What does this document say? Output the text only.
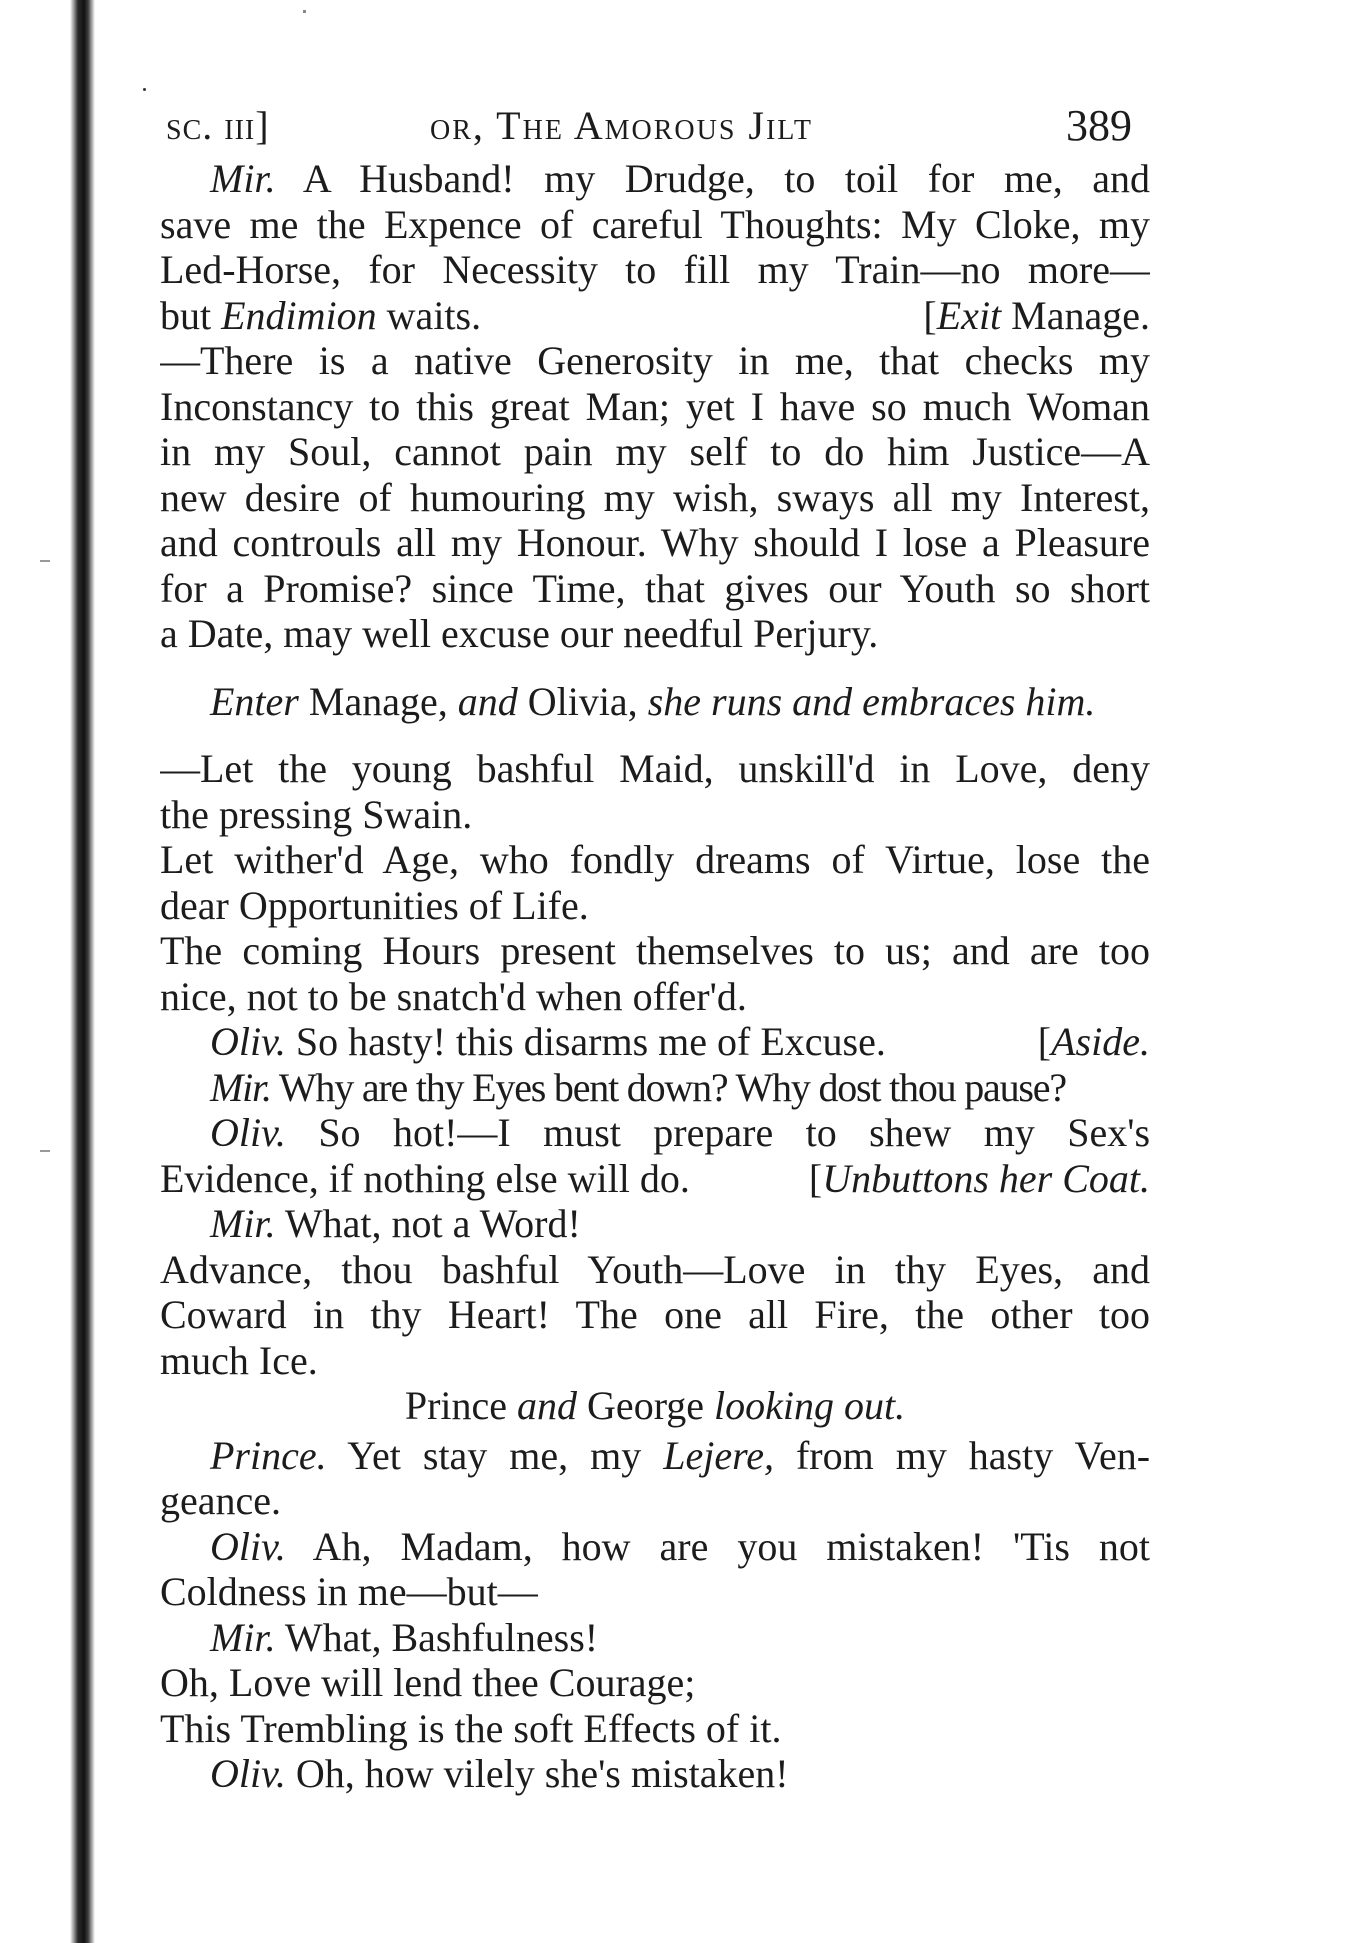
sc. iii]	or, The Amorous Jilt	389
Mir. A Husband! my Drudge, to toil for me, and
save me the Expence of careful Thoughts: My Cloke, my
Led-Horse, for Necessity to fill my Train—no more—
but Endimion waits.	[Exit Manage.
—There is a native Generosity in me, that checks my
Inconstancy to this great Man; yet I have so much Woman
in my Soul, cannot pain my self to do him Justice—A
new desire of humouring my wish, sways all my Interest,
and controuls all my Honour. Why should I lose a Pleasure
for a Promise? since Time, that gives our Youth so short
a Date, may well excuse our needful Perjury.
Enter Manage, and Olivia, she runs and embraces him.
—Let the young bashful Maid, unskill'd in Love, deny
the pressing Swain.
Let wither'd Age, who fondly dreams of Virtue, lose the
dear Opportunities of Life.
The coming Hours present themselves to us; and are too
nice, not to be snatch'd when offer'd.
Oliv. So hasty! this disarms me of Excuse.	[Aside.
Mir. Why are thy Eyes bent down? Why dost thou pause?
Oliv. So hot!—I must prepare to shew my Sex's
Evidence, if nothing else will do.	[Unbuttons her Coat.
Mir. What, not a Word!
Advance, thou bashful Youth—Love in thy Eyes, and
Coward in thy Heart! The one all Fire, the other too
much Ice.
Prince and George looking out.
Prince. Yet stay me, my Lejere, from my hasty Ven-
geance.
Oliv. Ah, Madam, how are you mistaken! 'Tis not
Coldness in me—but—
Mir. What, Bashfulness!
Oh, Love will lend thee Courage;
This Trembling is the soft Effects of it.
Oliv. Oh, how vilely she's mistaken!
